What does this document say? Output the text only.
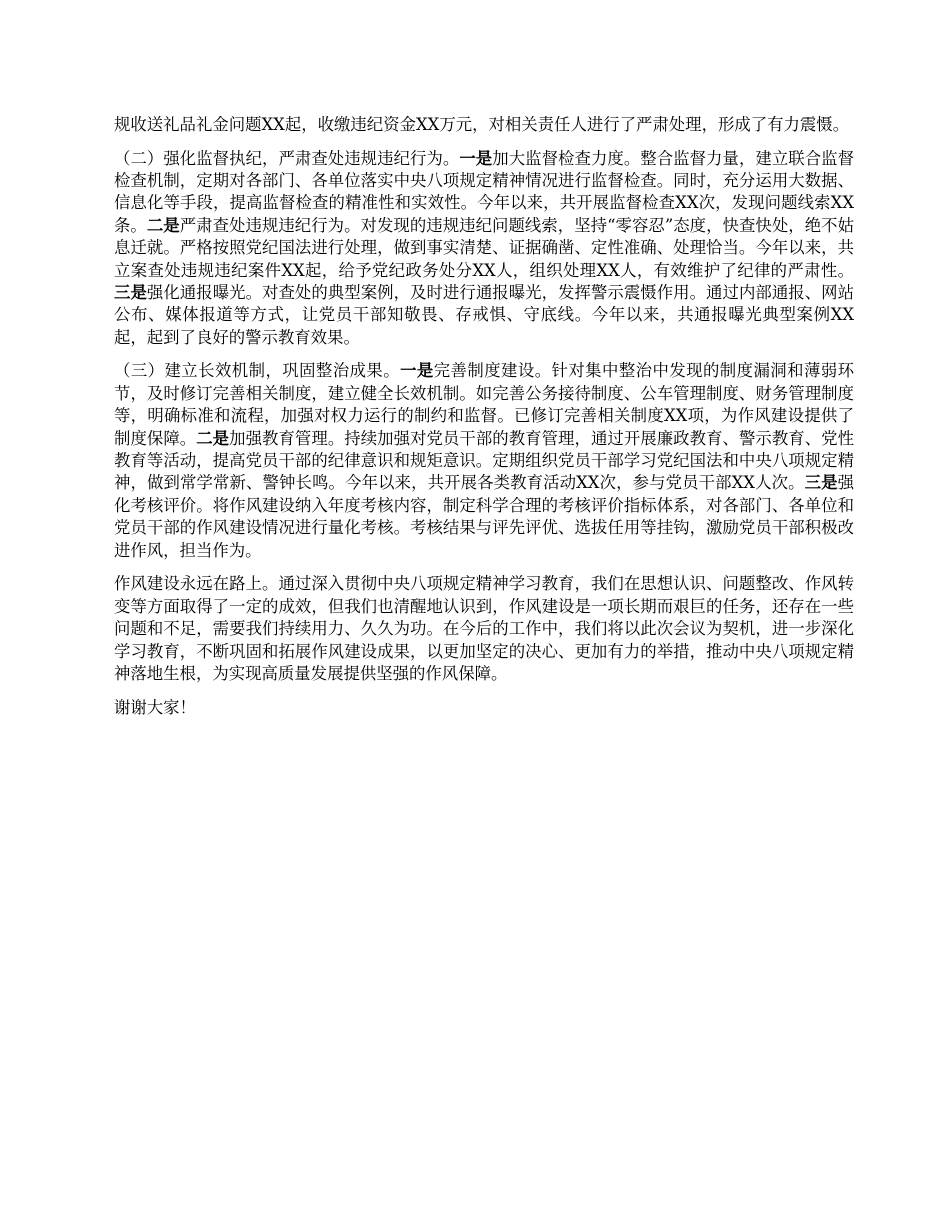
规收送礼品礼金问题XX起，收缴违纪资金XX万元，对相关责任人进行了严肃处理，形成了有力震慑。

（二）强化监督执纪，严肃查处违规违纪行为。一是加大监督检查力度。整合监督力量，建立联合监督检查机制，定期对各部门、各单位落实中央八项规定精神情况进行监督检查。同时，充分运用大数据、信息化等手段，提高监督检查的精准性和实效性。今年以来，共开展监督检查XX次，发现问题线索XX条。二是严肃查处违规违纪行为。对发现的违规违纪问题线索，坚持“零容忍”态度，快查快处，绝不姑息迁就。严格按照党纪国法进行处理，做到事实清楚、证据确凿、定性准确、处理恰当。今年以来，共立案查处违规违纪案件XX起，给予党纪政务处分XX人，组织处理XX人，有效维护了纪律的严肃性。三是强化通报曝光。对查处的典型案例，及时进行通报曝光，发挥警示震慑作用。通过内部通报、网站公布、媒体报道等方式，让党员干部知敬畏、存戒惧、守底线。今年以来，共通报曝光典型案例XX起，起到了良好的警示教育效果。

（三）建立长效机制，巩固整治成果。一是完善制度建设。针对集中整治中发现的制度漏洞和薄弱环节，及时修订完善相关制度，建立健全长效机制。如完善公务接待制度、公车管理制度、财务管理制度等，明确标准和流程，加强对权力运行的制约和监督。已修订完善相关制度XX项，为作风建设提供了制度保障。二是加强教育管理。持续加强对党员干部的教育管理，通过开展廉政教育、警示教育、党性教育等活动，提高党员干部的纪律意识和规矩意识。定期组织党员干部学习党纪国法和中央八项规定精神，做到常学常新、警钟长鸣。今年以来，共开展各类教育活动XX次，参与党员干部XX人次。三是强化考核评价。将作风建设纳入年度考核内容，制定科学合理的考核评价指标体系，对各部门、各单位和党员干部的作风建设情况进行量化考核。考核结果与评先评优、选拔任用等挂钩，激励党员干部积极改进作风，担当作为。

作风建设永远在路上。通过深入贯彻中央八项规定精神学习教育，我们在思想认识、问题整改、作风转变等方面取得了一定的成效，但我们也清醒地认识到，作风建设是一项长期而艰巨的任务，还存在一些问题和不足，需要我们持续用力、久久为功。在今后的工作中，我们将以此次会议为契机，进一步深化学习教育，不断巩固和拓展作风建设成果，以更加坚定的决心、更加有力的举措，推动中央八项规定精神落地生根，为实现高质量发展提供坚强的作风保障。

谢谢大家！
